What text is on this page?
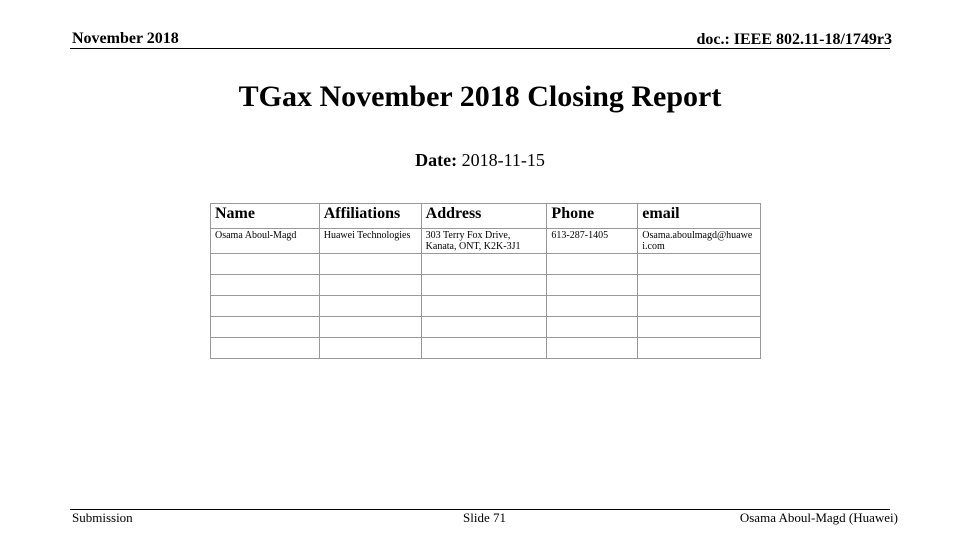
November 2018	doc.: IEEE 802.11-18/1749r3
TGax November 2018 Closing Report
Date: 2018-11-15
Name	Affiliations	Address	Phone	email
Osama Aboul-Magd	Huawei Technologies	303 Terry Fox Drive, Kanata, ONT, K2K-3J1	613-287-1405	Osama.aboulmagd@huawei.com

Submission	Slide 71	Osama Aboul-Magd (Huawei)
